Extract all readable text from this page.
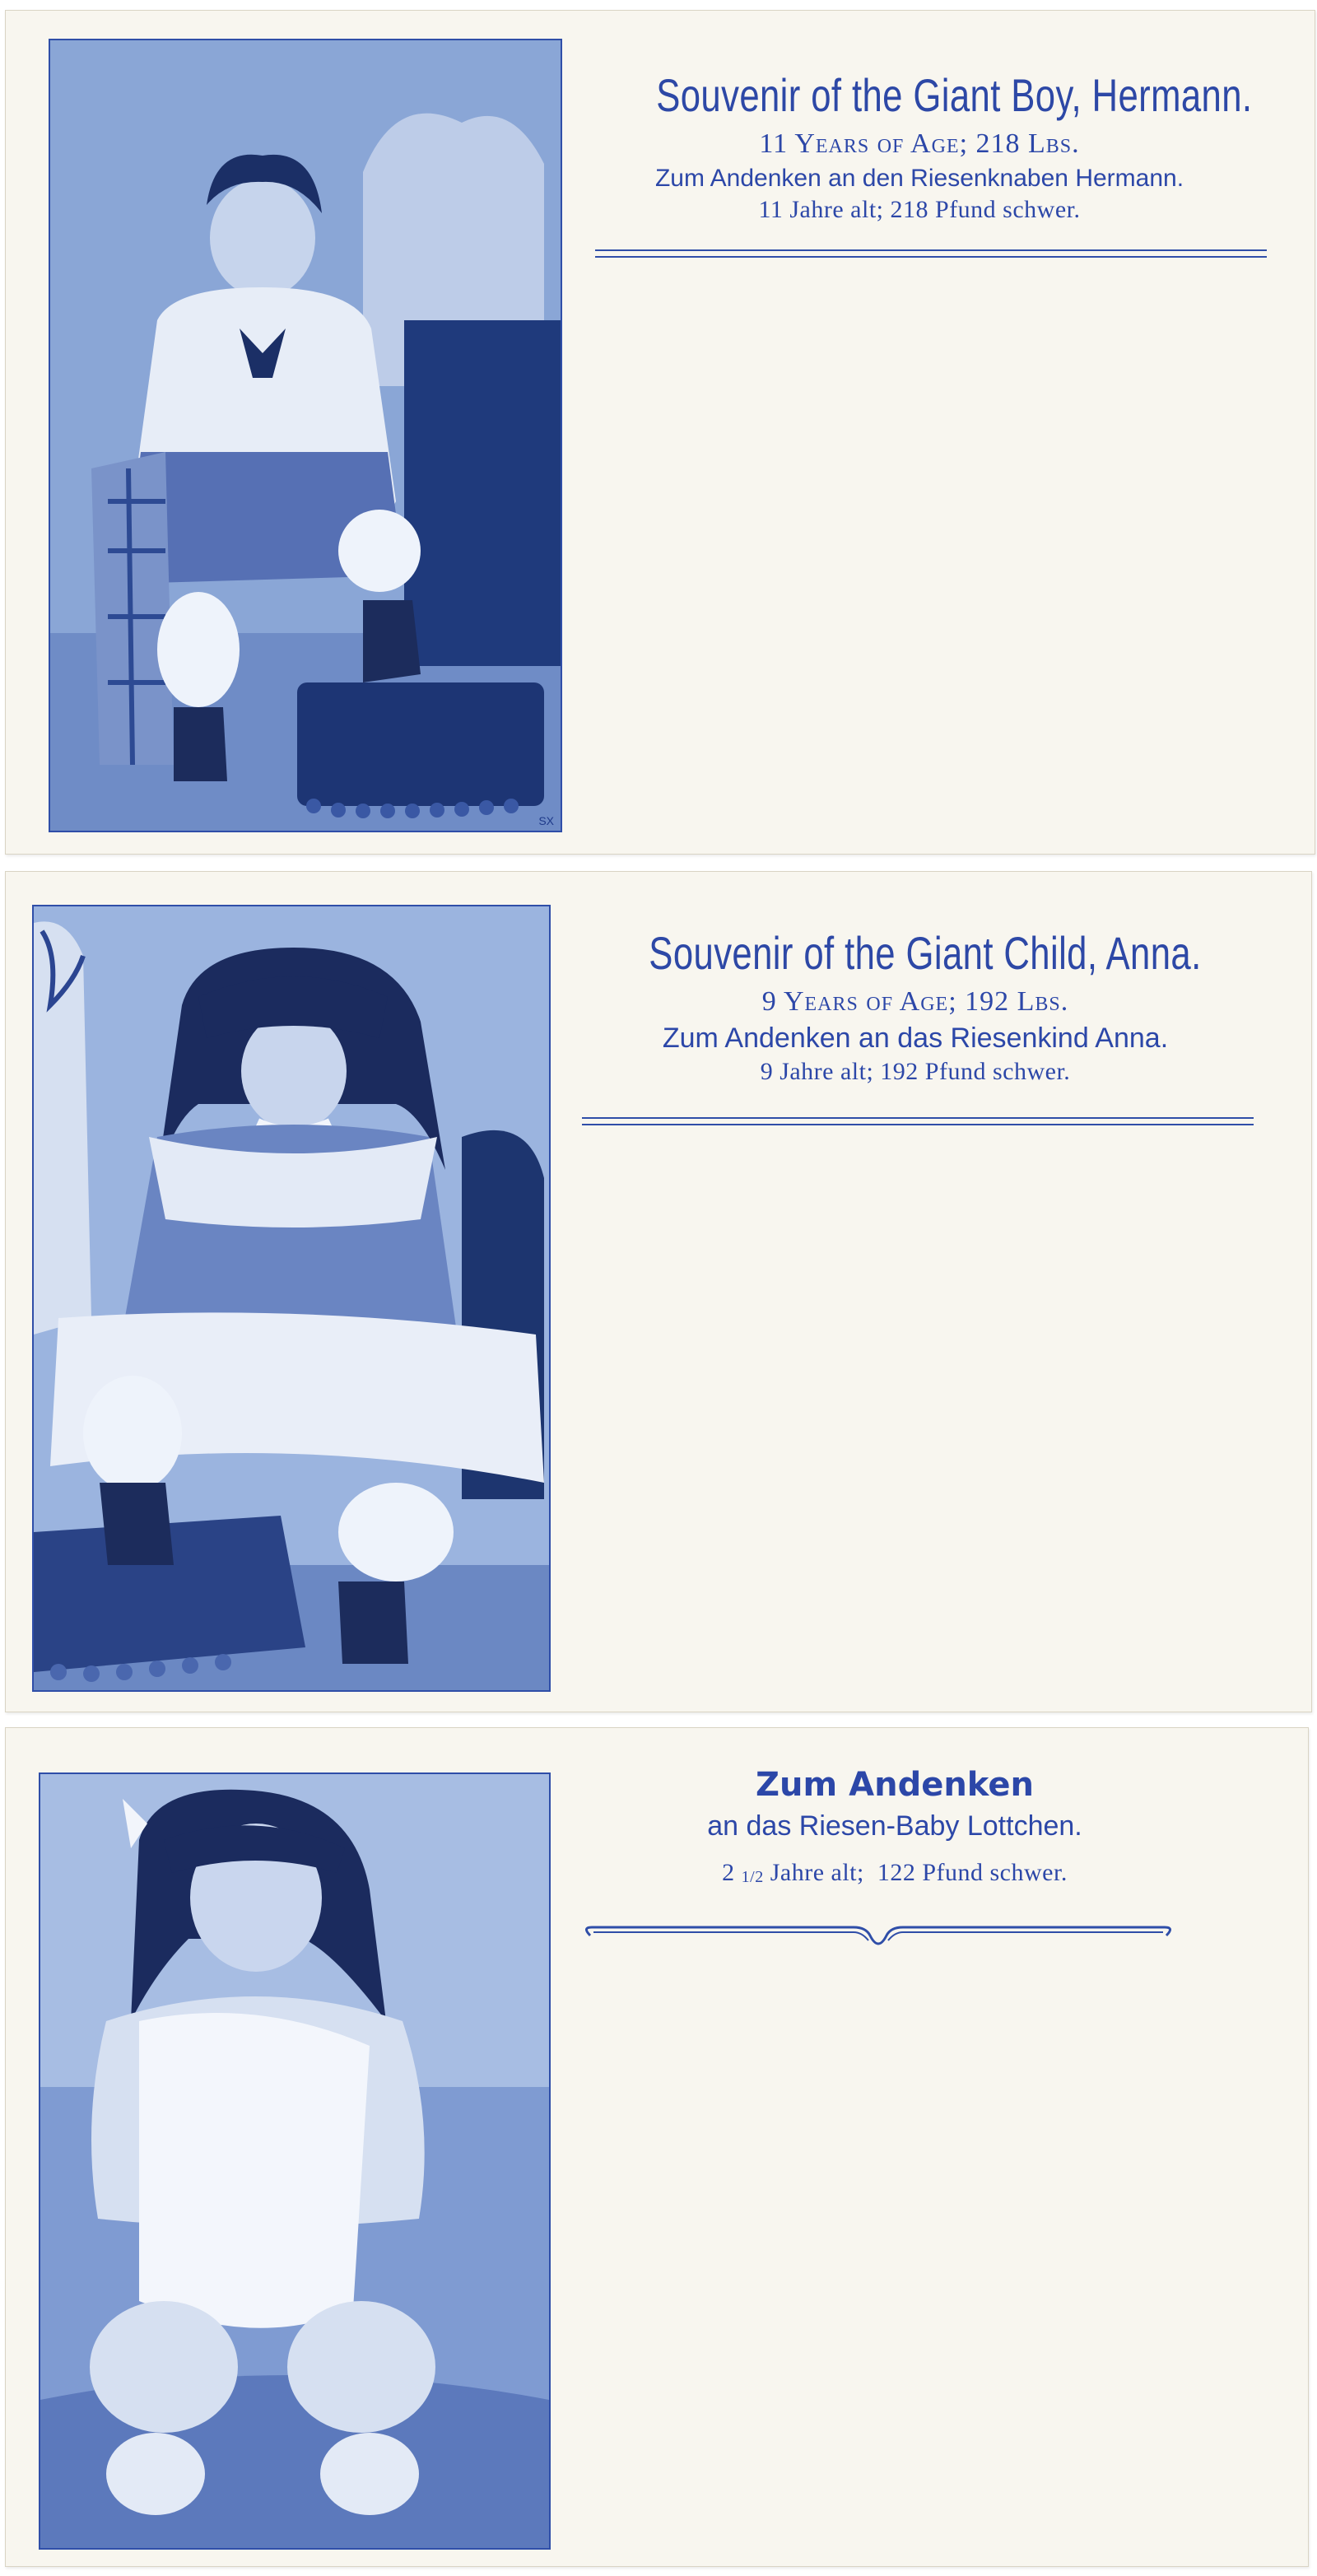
SX
Souvenir of the Giant Boy, Hermann.
11 Years of Age; 218 Lbs.
Zum Andenken an den Riesenknaben Hermann.
11 Jahre alt; 218 Pfund schwer.
Souvenir of the Giant Child, Anna.
9 Years of Age; 192 Lbs.
Zum Andenken an das Riesenkind Anna.
9 Jahre alt; 192 Pfund schwer.
Zum Andenken
an das Riesen-Baby Lottchen.
2 1/2 Jahre alt;  122 Pfund schwer.
